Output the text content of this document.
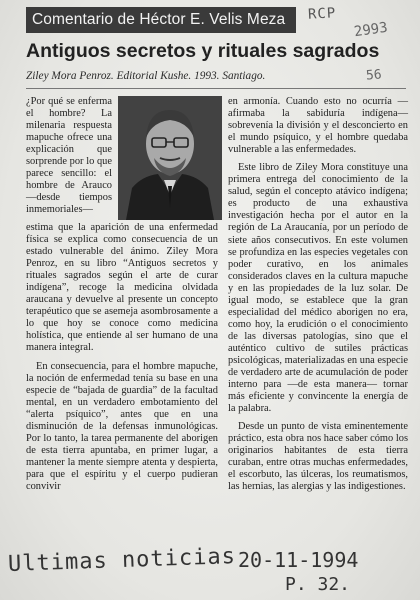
Comentario de Héctor E. Velis Meza RCP
2993
Antiguos secretos y rituales sagrados
Ziley Mora Penroz. Editorial Kushe. 1993. Santiago.	56

¿Por qué se enferma el hombre? La milenaria respuesta mapuche ofrece una explicación que sorprende por lo que parece sencillo: el hombre de Arauco —desde tiempos inmemoriales—

estima que la aparición de una enfermedad física se explica como consecuencia de un estado vulnerable del ánimo. Ziley Mora Penroz, en su libro “Antiguos secretos y rituales sagrados según el arte de curar indígena”, recoge la medicina olvidada araucana y devuelve al presente un concepto terapéutico que se asemeja asombrosamente a lo que hoy se conoce como medicina holística, que entiende al ser humano de una manera integral.

En consecuencia, para el hombre mapuche, la noción de enfermedad tenía su base en una especie de “bajada de guardia” de la facultad mental, en un verdadero embotamiento del “alerta psíquico”, antes que en una disminución de la defensas inmunológicas. Por lo tanto, la tarea permanente del aborigen de esta tierra apuntaba, en primer lugar, a mantener la mente siempre atenta y despierta, para que el espíritu y el cuerpo pudieran convivir

en armonía. Cuando esto no ocurría —afirmaba la sabiduría indígena— sobrevenía la división y el desconcierto en el mundo psíquico, y el hombre quedaba vulnerable a las enfermedades.

Este libro de Ziley Mora constituye una primera entrega del conocimiento de la salud, según el concepto atávico indígena; es producto de una exhaustiva investigación hecha por el autor en la región de La Araucanía, por un período de siete años consecutivos. En este volumen se profundiza en las especies vegetales con poder curativo, en los animales considerados claves en la cultura mapuche y en las propiedades de la luz solar. De igual modo, se establece que la gran especialidad del médico aborigen no era, como hoy, la erudición o el conocimiento de las diversas patologías, sino que el auténtico cultivo de sutiles prácticas psicológicas, materializadas en una especie de verdadero arte de acumulación de poder interno para —de esta manera— tornar más eficiente y convincente la energía de la palabra.

Desde un punto de vista eminentemente práctico, esta obra nos hace saber cómo los originarios habitantes de esta tierra curaban, entre otras muchas enfermedades, el escorbuto, las úlceras, los reumatismos, las hernias, las alergias y las indigestiones.

Ultimas noticias 20-11-1994
P. 32.
